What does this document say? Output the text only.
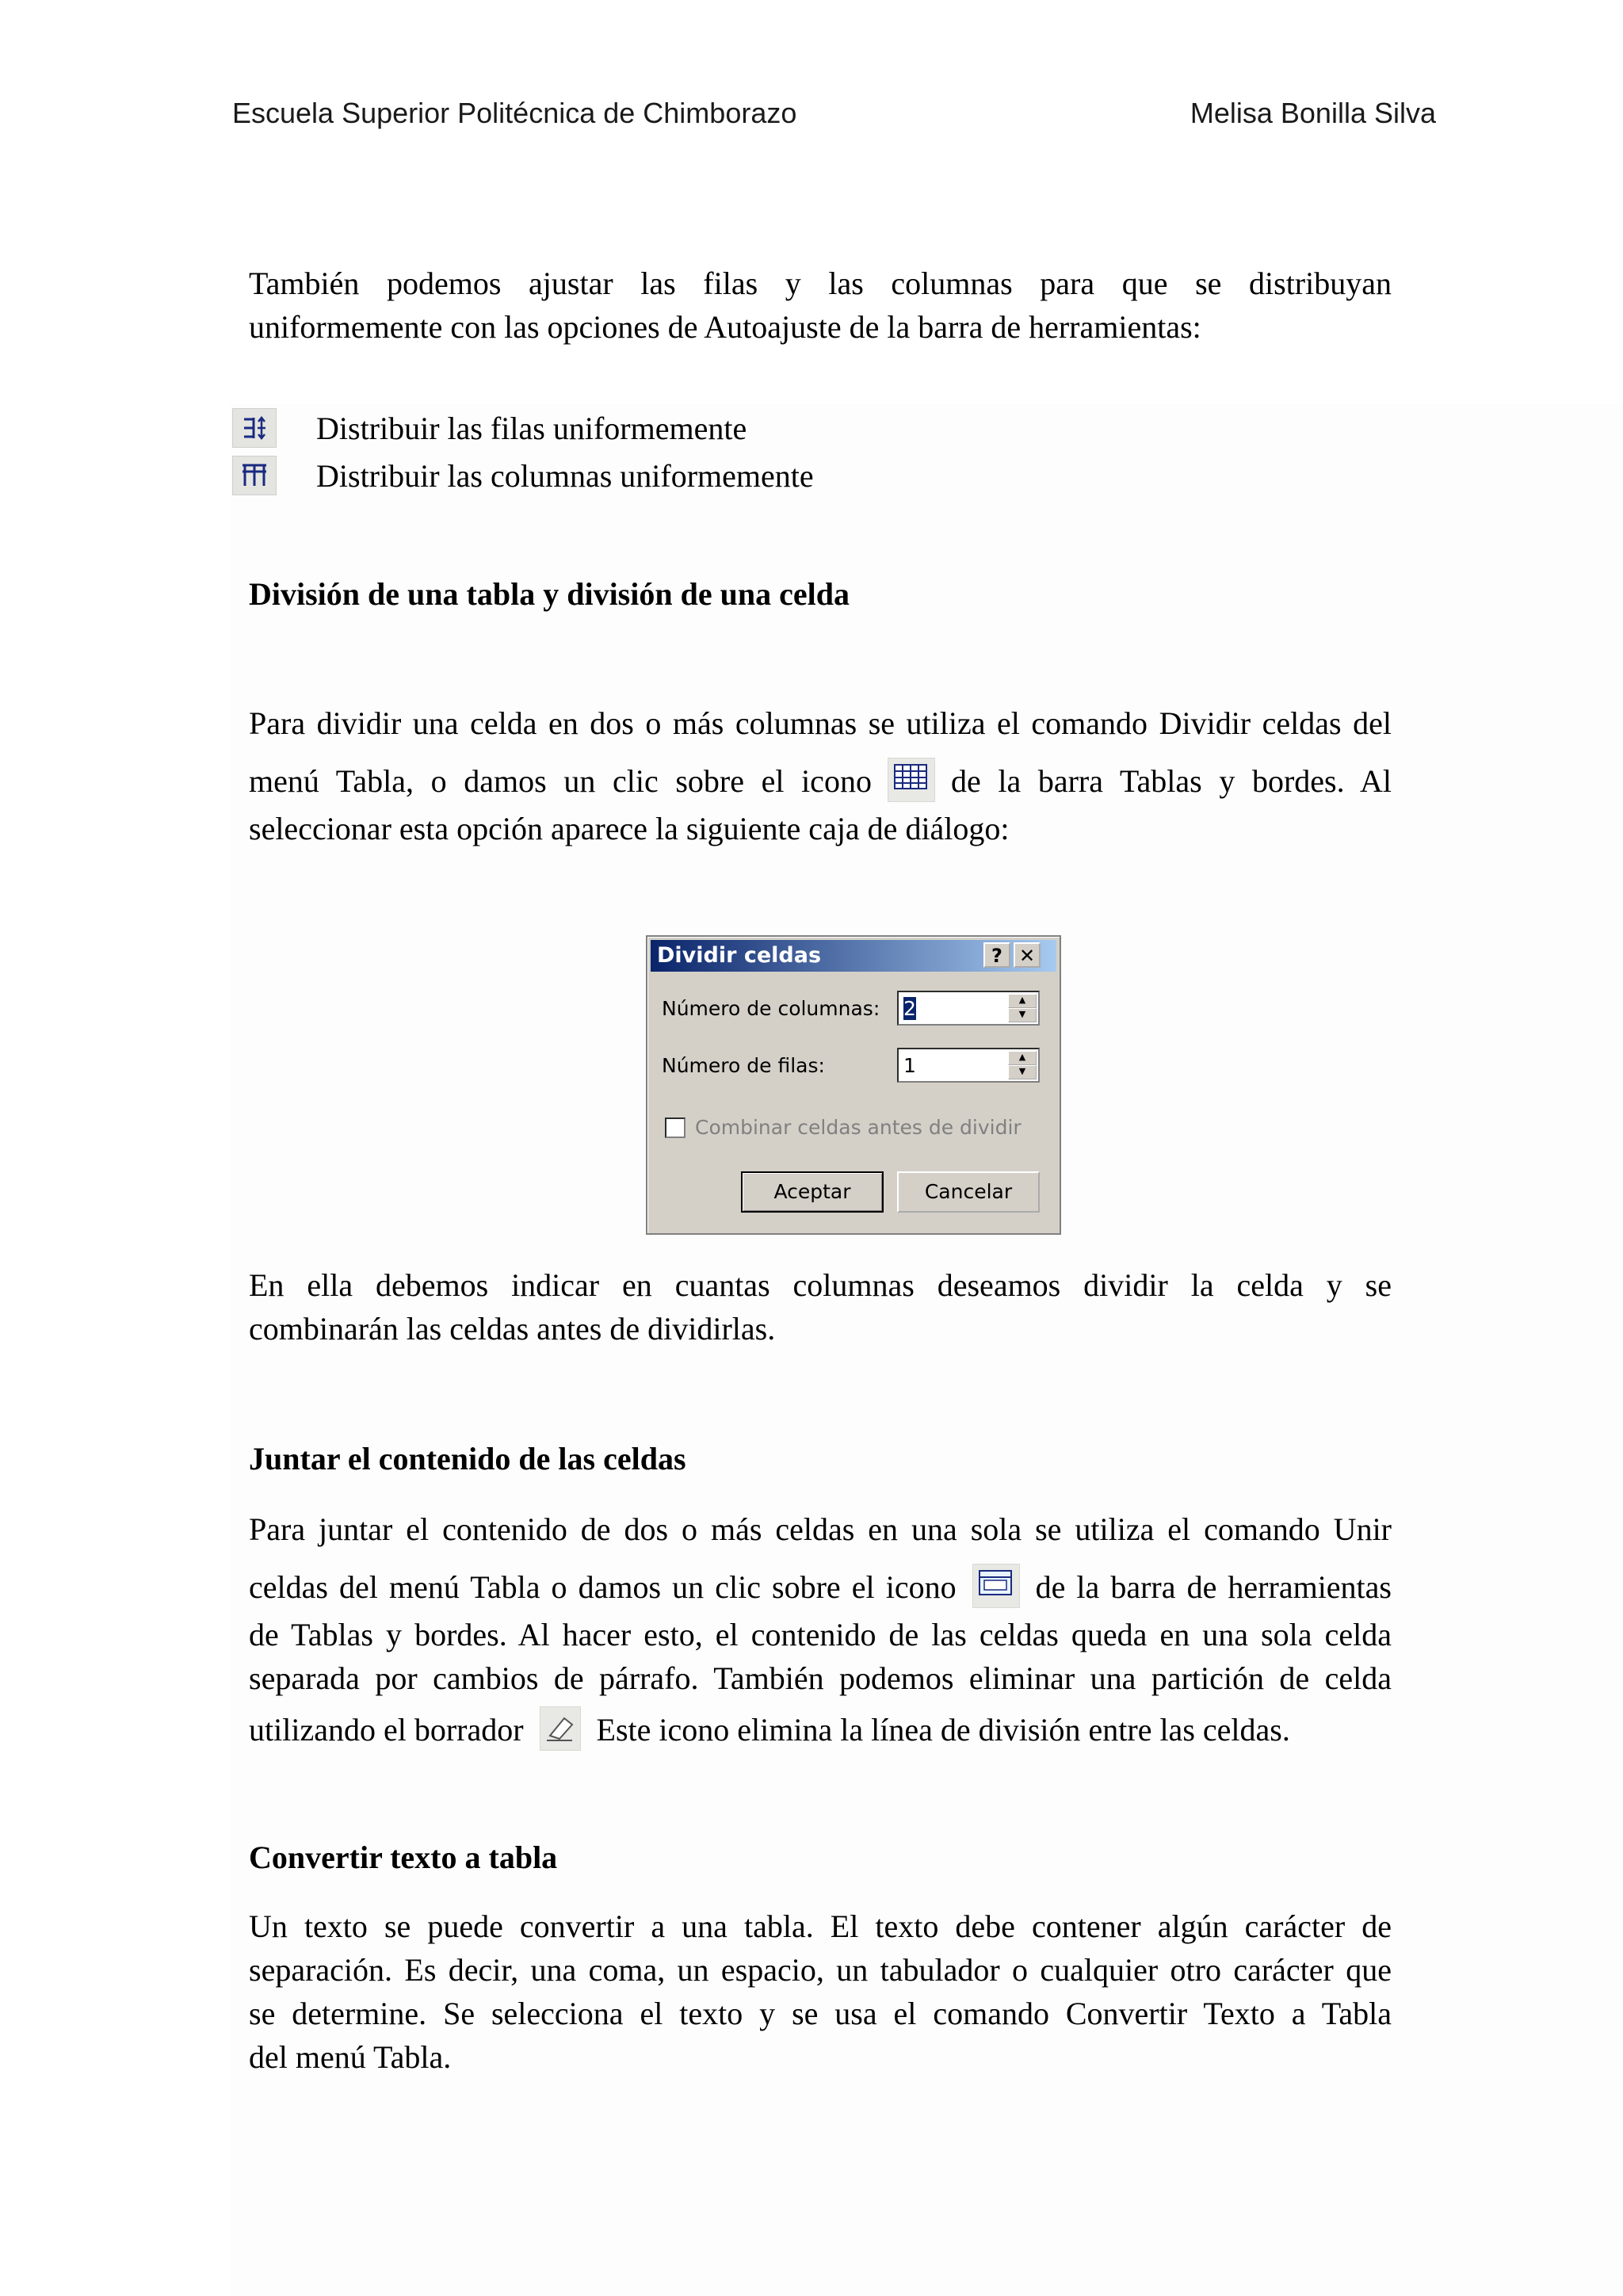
Escuela Superior Politécnica de Chimborazo	Melisa Bonilla Silva
También podemos ajustar las filas y las columnas para que se distribuyan
uniformemente con las opciones de Autoajuste de la barra de herramientas:
Distribuir las filas uniformemente
Distribuir las columnas uniformemente
División de una tabla y división de una celda
Para dividir una celda en dos o más columnas se utiliza el comando Dividir celdas del
menú Tabla, o damos un clic sobre el icono	de la barra Tablas y bordes. Al
seleccionar esta opción aparece la siguiente caja de diálogo:
Dividir celdas	? ✕
Número de columnas: 2	▲
▼
Número de filas:	1	▲
▼
Combinar celdas antes de dividir
Aceptar	Cancelar
En ella debemos indicar en cuantas columnas deseamos dividir la celda y se
combinarán las celdas antes de dividirlas.
Juntar el contenido de las celdas
Para juntar el contenido de dos o más celdas en una sola se utiliza el comando Unir
celdas del menú Tabla o damos un clic sobre el icono	de la barra de herramientas
de Tablas y bordes. Al hacer esto, el contenido de las celdas queda en una sola celda
separada por cambios de párrafo. También podemos eliminar una partición de celda
utilizando el borrador Este icono elimina la línea de división entre las celdas.
Convertir texto a tabla
Un texto se puede convertir a una tabla. El texto debe contener algún carácter de
separación. Es decir, una coma, un espacio, un tabulador o cualquier otro carácter que
se determine. Se selecciona el texto y se usa el comando Convertir Texto a Tabla
del menú Tabla.
